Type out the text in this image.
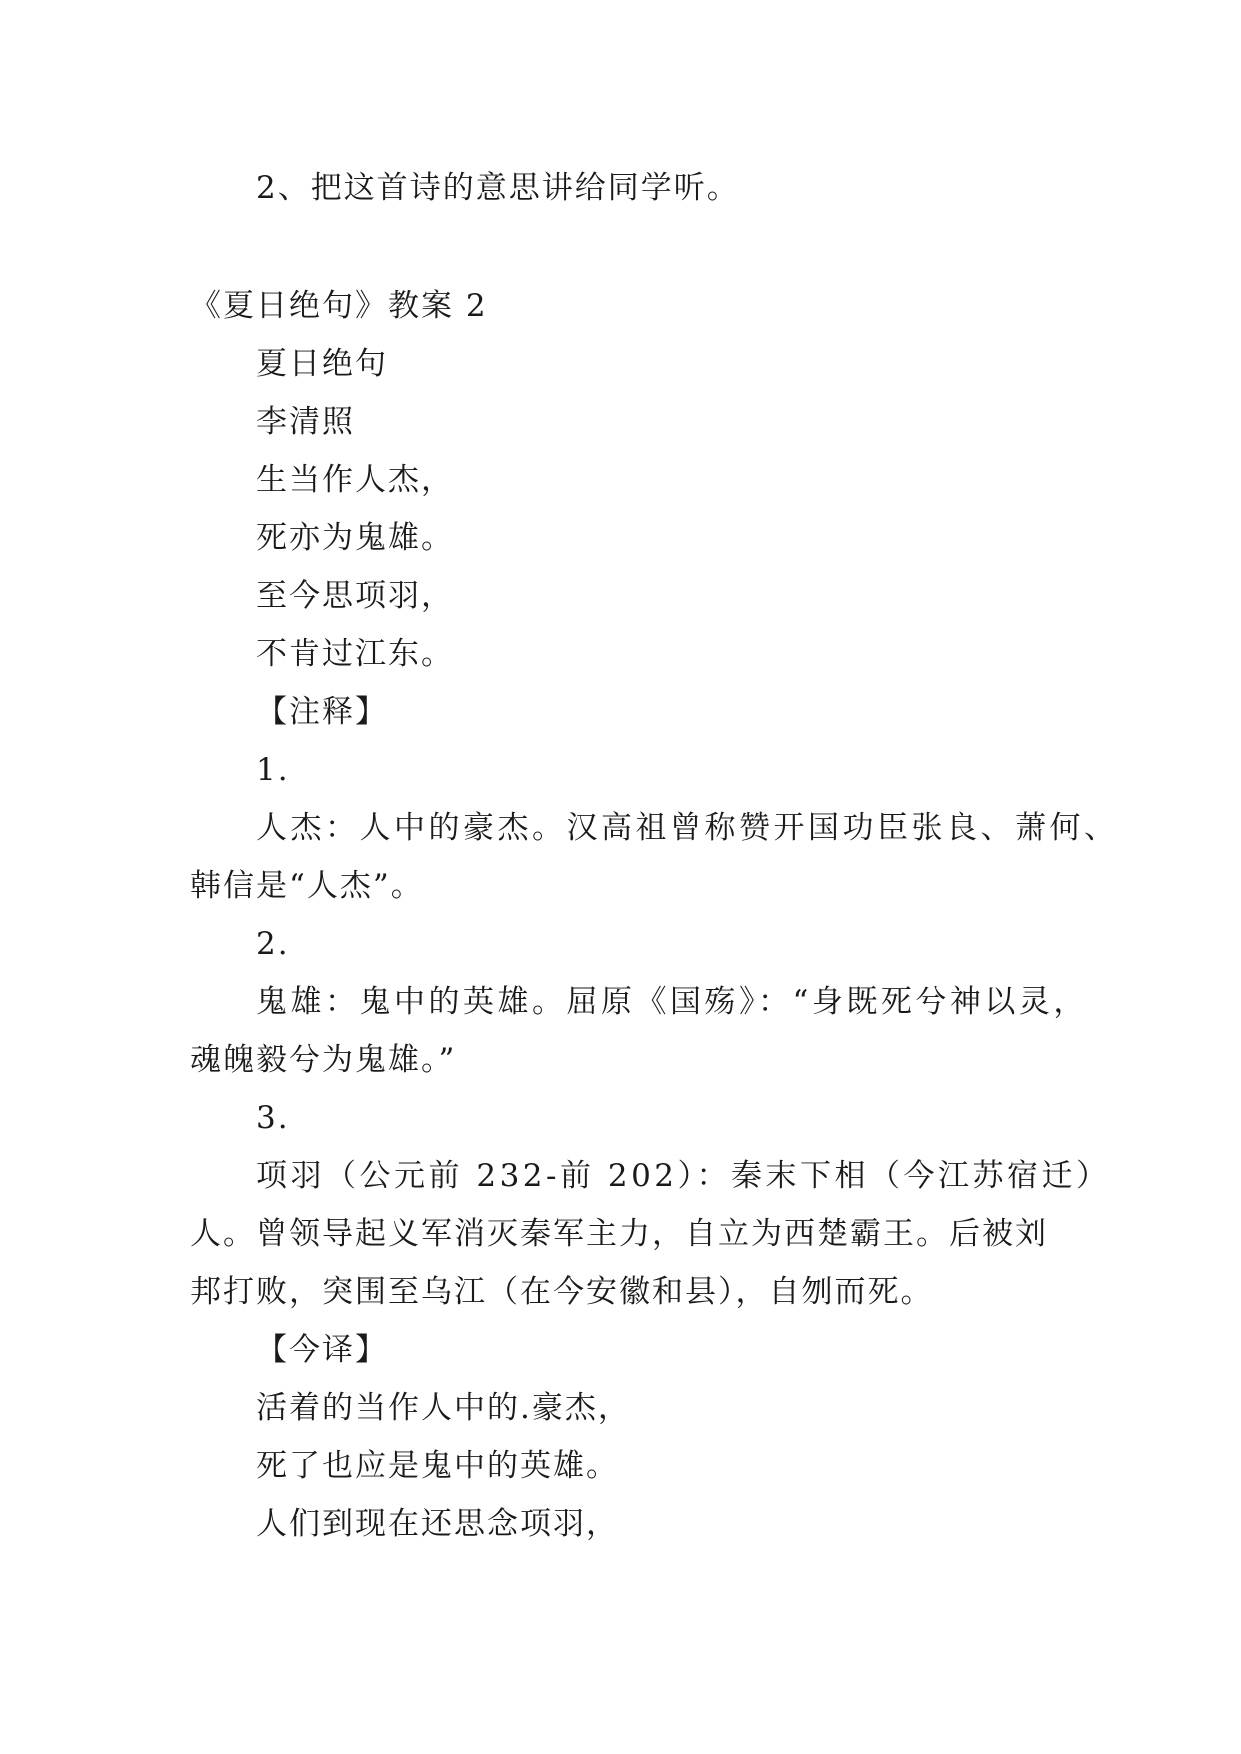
2、把这首诗的意思讲给同学听。
《夏日绝句》教案 2
夏日绝句
李清照
生当作人杰，
死亦为鬼雄。
至今思项羽，
不肯过江东。
【注释】
1.
人杰：人中的豪杰。汉高祖曾称赞开国功臣张良、萧何、
韩信是“人杰”。
2.
鬼雄：鬼中的英雄。屈原《国殇》：“身既死兮神以灵，
魂魄毅兮为鬼雄。”
3.
项羽（公元前 232-前 202）：秦末下相（今江苏宿迁）
人。曾领导起义军消灭秦军主力，自立为西楚霸王。后被刘
邦打败，突围至乌江（在今安徽和县），自刎而死。
【今译】
活着的当作人中的.豪杰，
死了也应是鬼中的英雄。
人们到现在还思念项羽，
